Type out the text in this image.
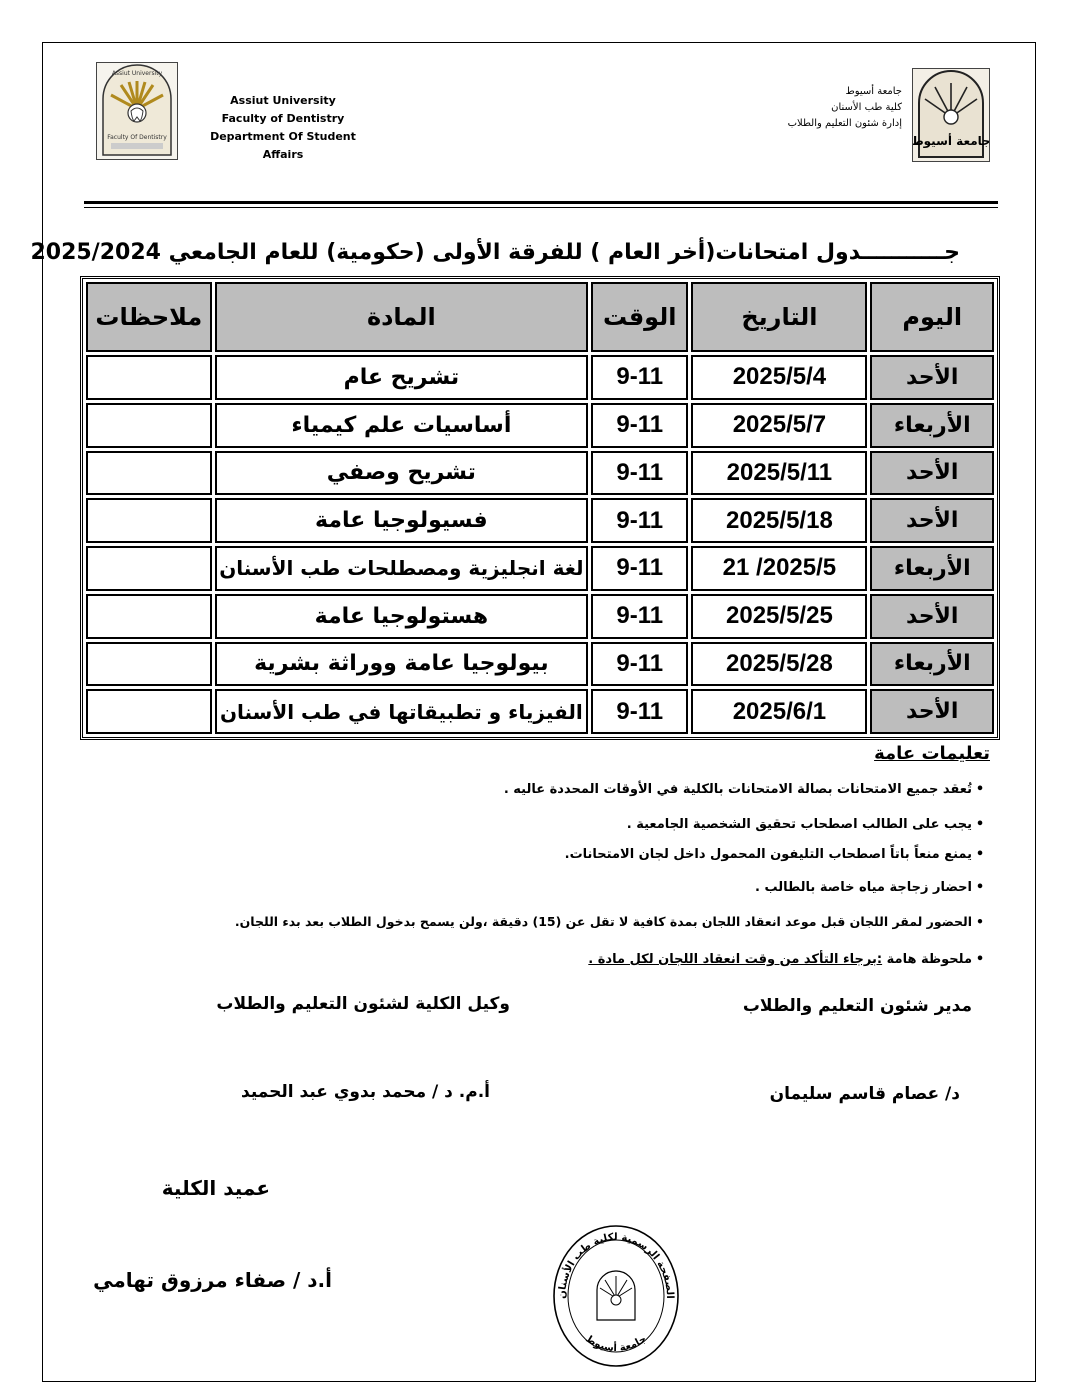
Assiut University
Faculty Of Dentistry
Assiut University
Faculty of Dentistry
Department Of Student Affairs
جامعة أسيوط
كلية طب الأسنان
إدارة شئون التعليم والطلاب
جامعة أسيوط
جـــــــــــدول امتحانات(أخر العام ) للفرقة الأولى (حكومية) للعام الجامعي 2025/2024
اليوم	التاريخ	الوقت	المادة	ملاحظات
الأحد	2025/5/4	9-11	تشريح عام	
الأربعاء	2025/5/7	9-11	أساسيات علم كيمياء	
الأحد	2025/5/11	9-11	تشريح وصفي	
الأحد	2025/5/18	9-11	فسيولوجيا عامة	
الأربعاء	2025/5/ 21	9-11	لغة انجليزية ومصطلحات طب الأسنان	
الأحد	2025/5/25	9-11	هستولوجيا عامة	
الأربعاء	2025/5/28	9-11	بيولوجيا عامة ووراثة بشرية	
الأحد	2025/6/1	9-11	الفيزياء و تطبيقاتها في طب الأسنان	
تعليمات عامة
•تُعقد جميع الامتحانات بصالة الامتحانات بالكلية في الأوقات المحددة عاليه .
•يجب على الطالب اصطحاب تحقيق الشخصية الجامعية .
•يمنع منعاً باتاً اصطحاب التليفون المحمول داخل لجان الامتحانات.
•احضار زجاجة مياه خاصة بالطالب .
•الحضور لمقر اللجان قبل موعد انعقاد اللجان بمدة كافية لا تقل عن (15) دقيقة ،ولن يسمح بدخول الطلاب بعد بدء اللجان.
•ملحوظة هامة :برجاء التأكد من وقت انعقاد اللجان لكل مادة .
مدير شئون التعليم والطلاب
وكيل الكلية لشئون التعليم والطلاب
د/ عصام قاسم سليمان
أ.م. د / محمد بدوي عبد الحميد
عميد الكلية
أ.د / صفاء مرزوق تهامي
الصفحة الرسمية لكلية طب الأسنان
جامعة أسيوط
